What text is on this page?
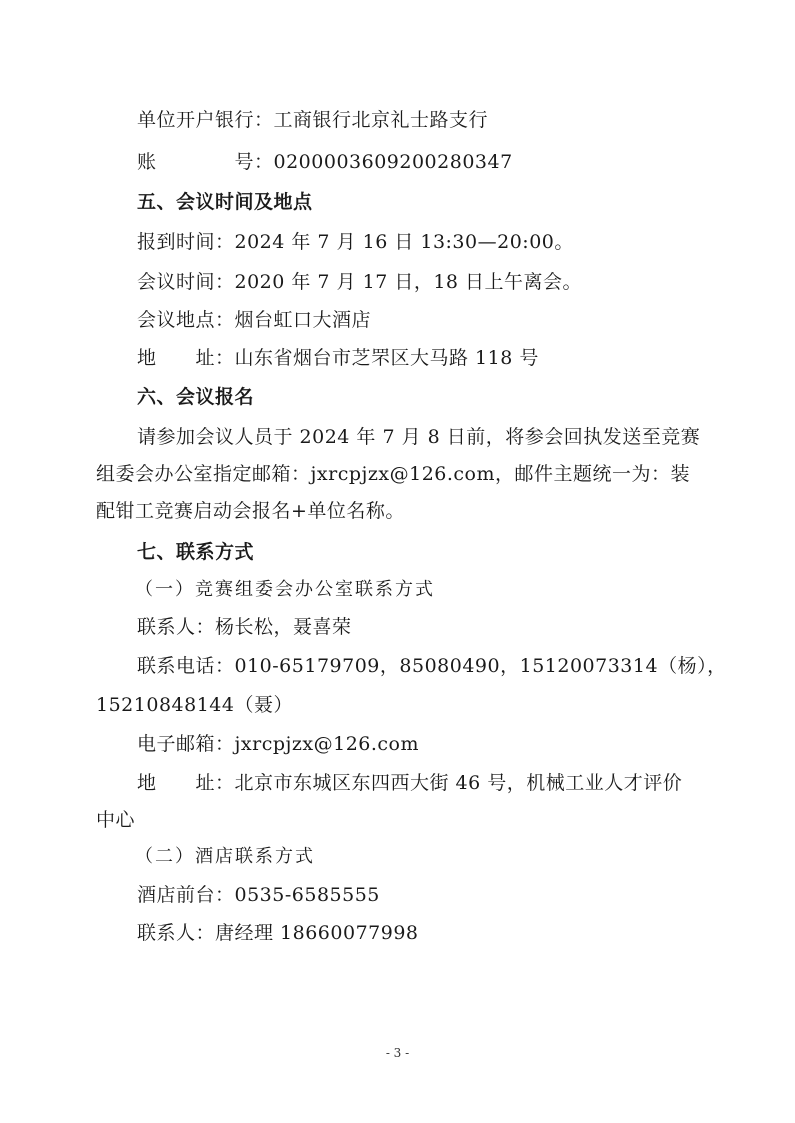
单位开户银行：工商银行北京礼士路支行
账　　　　号：0200003609200280347
五、会议时间及地点
报到时间：2024 年 7 月 16 日 13:30—20:00。
会议时间：2020 年 7 月 17 日，18 日上午离会。
会议地点：烟台虹口大酒店
地　　址：山东省烟台市芝罘区大马路 118 号
六、会议报名
请参加会议人员于 2024 年 7 月 8 日前，将参会回执发送至竞赛
组委会办公室指定邮箱：jxrcpjzx@126.com，邮件主题统一为：装
配钳工竞赛启动会报名+单位名称。
七、联系方式
（一）竞赛组委会办公室联系方式
联系人：杨长松，聂喜荣
联系电话：010-65179709，85080490，15120073314（杨），
15210848144（聂）
电子邮箱：jxrcpjzx@126.com
地　　址：北京市东城区东四西大街 46 号，机械工业人才评价
中心
（二）酒店联系方式
酒店前台：0535-6585555
联系人：唐经理 18660077998
- 3 -
